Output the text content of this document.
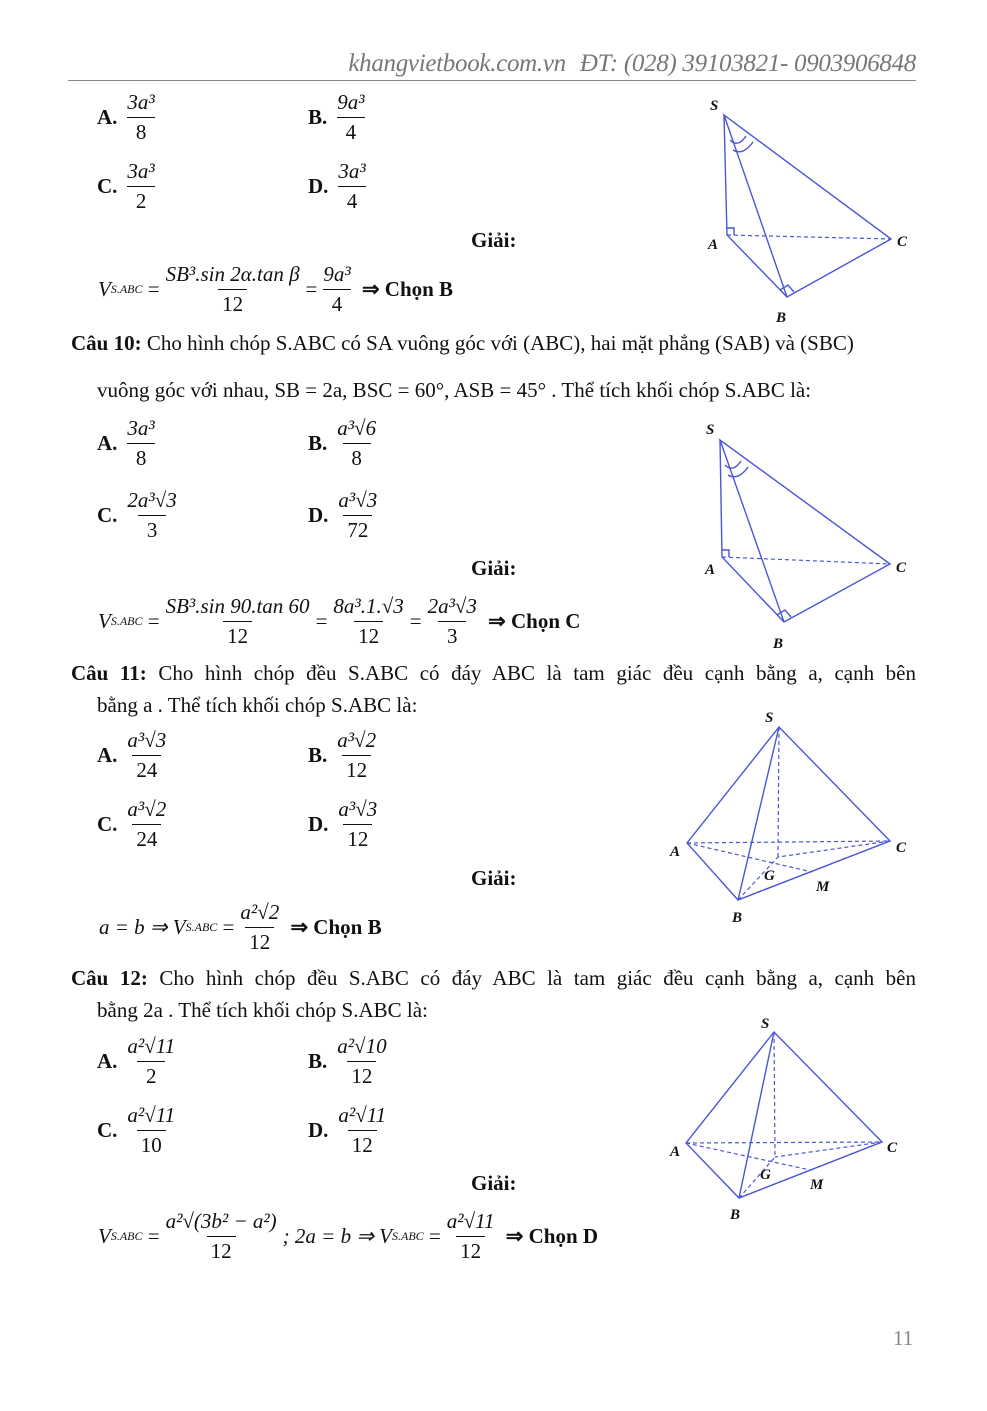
khangvietbook.com.vn ĐT: (028) 39103821- 0903906848
A. $\frac{\text{3a³}}{8}$	B. $\frac{\text{9a³}}{4}$
C. $\frac{\text{3a³}}{2}$	D. $\frac{\text{3a³}}{4}$
Giải:
V S.ABC
= $\frac{\text{SB³.sin 2α.tan β}}{12} = \frac{\text{9a³}}{4}$
⇒ Chọn B
Câu 10: Cho hình chóp S.ABC có SA vuông góc với (ABC), hai mặt phẳng (SAB) và (SBC)
vuông góc với nhau, SB = 2a, BSC = 60°, ASB = 45° . Thể tích khối chóp S.ABC là:
A. $\frac{\text{3a³}}{8}$	B. $\frac{\text{a³√6}}{8}$
C. $\frac{\text{2a³√3}}{3}$	D. $\frac{\text{a³√3}}{72}$
Giải:
V S.ABC
= $\frac{\text{SB³.sin 90.tan 60}}{12} = \frac{\text{8a³.1.√3}}{12} = \frac{\text{2a³√3}}{3}$
⇒ Chọn C
Câu 11: Cho hình chóp đều S.ABC có đáy ABC là tam giác đều cạnh bằng a, cạnh bên
bằng a . Thể tích khối chóp S.ABC là:
A. $\frac{\text{a³√3}}{24}$	B. $\frac{\text{a³√2}}{12}$
C. $\frac{\text{a³√2}}{24}$	D. $\frac{\text{a³√3}}{12}$
Giải:
a = b ⇒ V S.ABC
= $\frac{\text{a²√2}}{12}$
⇒ Chọn B
Câu 12: Cho hình chóp đều S.ABC có đáy ABC là tam giác đều cạnh bằng a, cạnh bên
bằng 2a . Thể tích khối chóp S.ABC là:
A. $\frac{\text{a²√11}}{2}$	B. $\frac{\text{a²√10}}{12}$
C. $\frac{\text{a²√11}}{10}$	D. $\frac{\text{a²√11}}{12}$
Giải:
V S.ABC
= $\frac{\text{a²√(3b² − a²)}}{12}$ ; 2a = b ⇒ V S.ABC
= $\frac{\text{a²√11}}{12}$
⇒ Chọn D
S
A
B
C
S
A
B
C
S
A
B
C
G
M
S
A
B
C
G
M
11
